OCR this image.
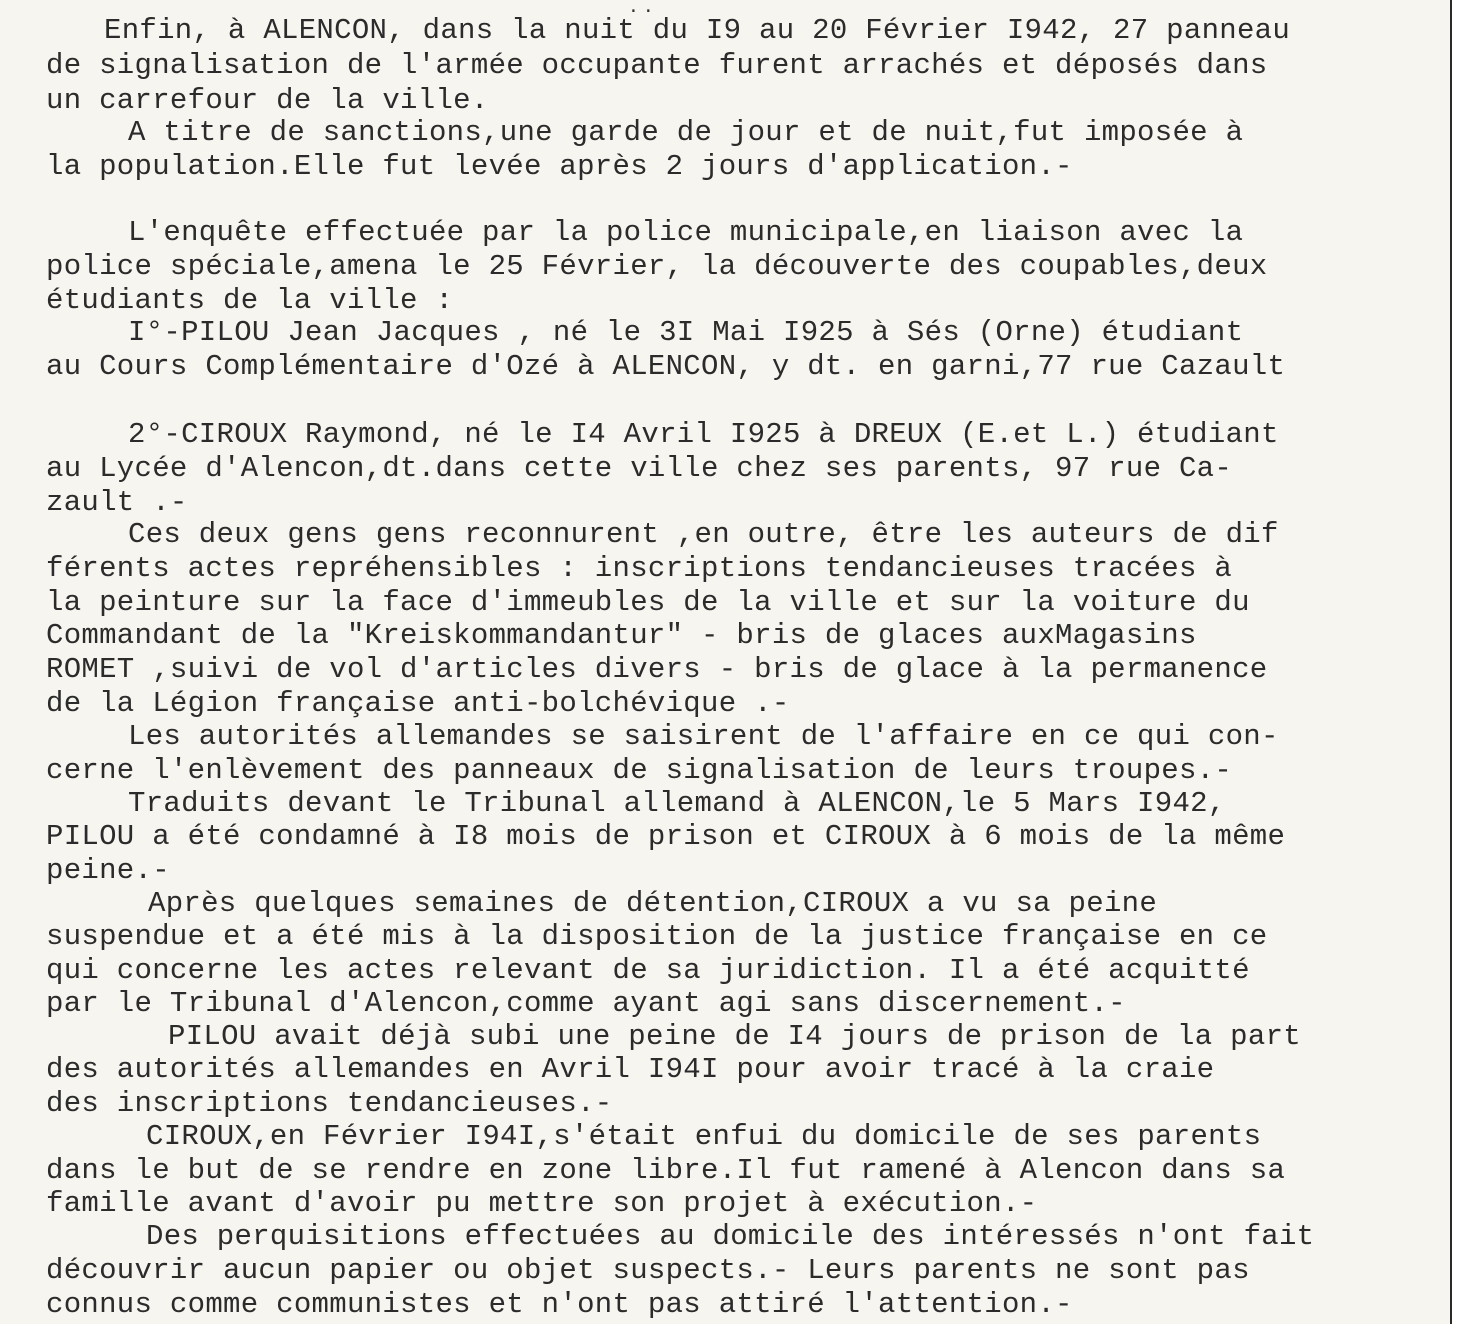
..
Enfin, à ALENCON, dans la nuit du I9 au 20 Février I942, 27 panneau
de signalisation de l'armée occupante furent arrachés et déposés dans
un carrefour de la ville.
A titre de sanctions,une garde de jour et de nuit,fut imposée à
la population.Elle fut levée après 2 jours d'application.-
L'enquête effectuée par la police municipale,en liaison avec la
police spéciale,amena le 25 Février, la découverte des coupables,deux
étudiants de la ville :
I°-PILOU Jean Jacques , né le 3I Mai I925 à Sés (Orne) étudiant
au Cours Complémentaire d'Ozé à ALENCON, y dt. en garni,77 rue Cazault
2°-CIROUX Raymond, né le I4 Avril I925 à DREUX (E.et L.) étudiant
au Lycée d'Alencon,dt.dans cette ville chez ses parents, 97 rue Ca-
zault .-
Ces deux gens gens reconnurent ,en outre, être les auteurs de dif
férents actes repréhensibles : inscriptions tendancieuses tracées à
la peinture sur la face d'immeubles de la ville et sur la voiture du
Commandant de la "Kreiskommandantur" - bris de glaces auxMagasins
ROMET ,suivi de vol d'articles divers - bris de glace à la permanence
de la Légion française anti-bolchévique .-
Les autorités allemandes se saisirent de l'affaire en ce qui con-
cerne l'enlèvement des panneaux de signalisation de leurs troupes.-
Traduits devant le Tribunal allemand à ALENCON,le 5 Mars I942,
PILOU a été condamné à I8 mois de prison et CIROUX à 6 mois de la même
peine.-
Après quelques semaines de détention,CIROUX a vu sa peine
suspendue et a été mis à la disposition de la justice française en ce
qui concerne les actes relevant de sa juridiction. Il a été acquitté
par le Tribunal d'Alencon,comme ayant agi sans discernement.-
PILOU avait déjà subi une peine de I4 jours de prison de la part
des autorités allemandes en Avril I94I pour avoir tracé à la craie
des inscriptions tendancieuses.-
CIROUX,en Février I94I,s'était enfui du domicile de ses parents
dans le but de se rendre en zone libre.Il fut ramené à Alencon dans sa
famille avant d'avoir pu mettre son projet à exécution.-
Des perquisitions effectuées au domicile des intéressés n'ont fait
découvrir aucun papier ou objet suspects.- Leurs parents ne sont pas
connus comme communistes et n'ont pas attiré l'attention.-
